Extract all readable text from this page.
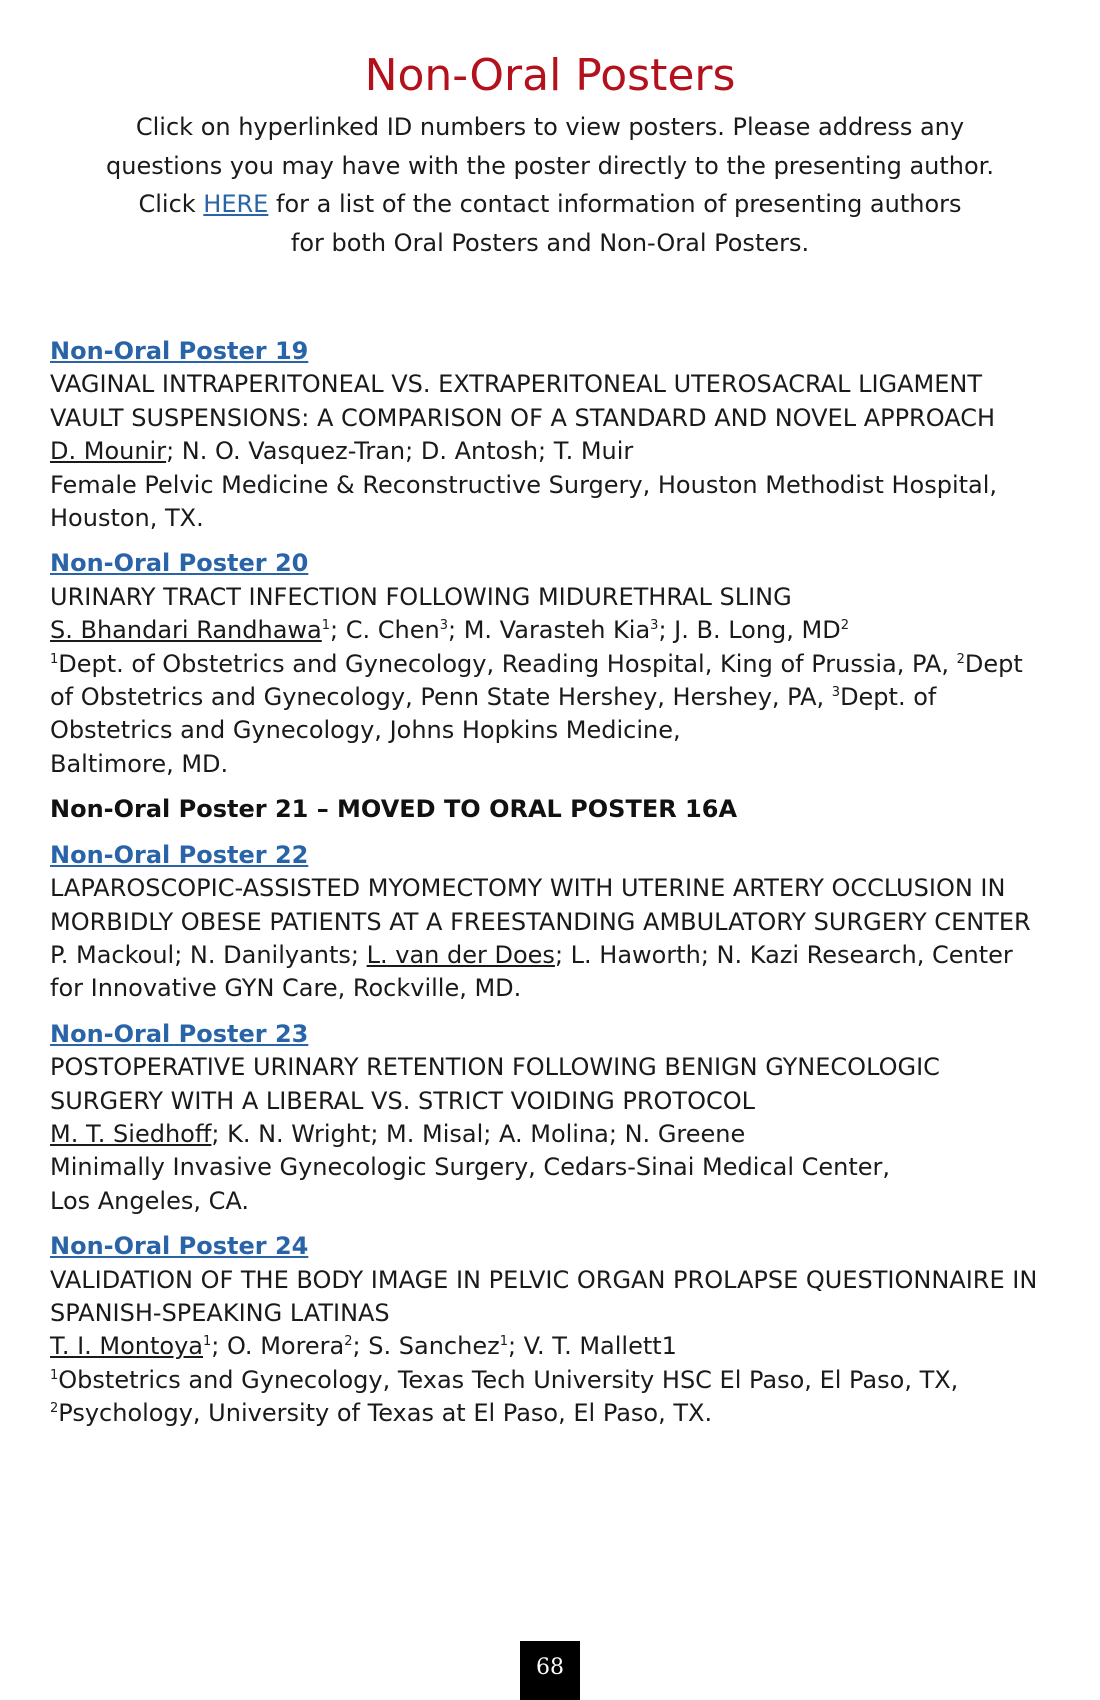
Non-Oral Posters
Click on hyperlinked ID numbers to view posters. Please address any
questions you may have with the poster directly to the presenting author.
Click HERE for a list of the contact information of presenting authors
for both Oral Posters and Non-Oral Posters.
Non-Oral Poster 19
VAGINAL INTRAPERITONEAL VS. EXTRAPERITONEAL UTEROSACRAL LIGAMENT VAULT SUSPENSIONS: A COMPARISON OF A STANDARD AND NOVEL APPROACH
D. Mounir; N. O. Vasquez-Tran; D. Antosh; T. Muir
Female Pelvic Medicine & Reconstructive Surgery, Houston Methodist Hospital, Houston, TX.
Non-Oral Poster 20
URINARY TRACT INFECTION FOLLOWING MIDURETHRAL SLING
S. Bhandari Randhawa$^1$; C. Chen$^3$; M. Varasteh Kia$^3$; J. B. Long, $MD^2$
$^1$Dept. of Obstetrics and Gynecology, Reading Hospital, King of Prussia, PA, $^2$Dept of Obstetrics and Gynecology, Penn State Hershey, Hershey, PA, $^3$Dept. of Obstetrics and Gynecology, Johns Hopkins Medicine,
Baltimore, MD.
Non-Oral Poster 21 – MOVED TO ORAL POSTER 16A
Non-Oral Poster 22
LAPAROSCOPIC-ASSISTED MYOMECTOMY WITH UTERINE ARTERY OCCLUSION IN MORBIDLY OBESE PATIENTS AT A FREESTANDING AMBULATORY SURGERY CENTER
P. Mackoul; N. Danilyants; L. van der Does; L. Haworth; N. Kazi Research, Center for Innovative GYN Care, Rockville, MD.
Non-Oral Poster 23
POSTOPERATIVE URINARY RETENTION FOLLOWING BENIGN GYNECOLOGIC SURGERY WITH A LIBERAL VS. STRICT VOIDING PROTOCOL
M. T. Siedhoff; K. N. Wright; M. Misal; A. Molina; N. Greene
Minimally Invasive Gynecologic Surgery, Cedars-Sinai Medical Center,
Los Angeles, CA.
Non-Oral Poster 24
VALIDATION OF THE BODY IMAGE IN PELVIC ORGAN PROLAPSE QUESTIONNAIRE IN SPANISH-SPEAKING LATINAS
T. I. Montoya$^1$; O. Morera$^2$; S. Sanchez$^1$; V. T. Mallett1
$^1$Obstetrics and Gynecology, Texas Tech University HSC El Paso, El Paso, TX,
$^2$Psychology, University of Texas at El Paso, El Paso, TX.
68
